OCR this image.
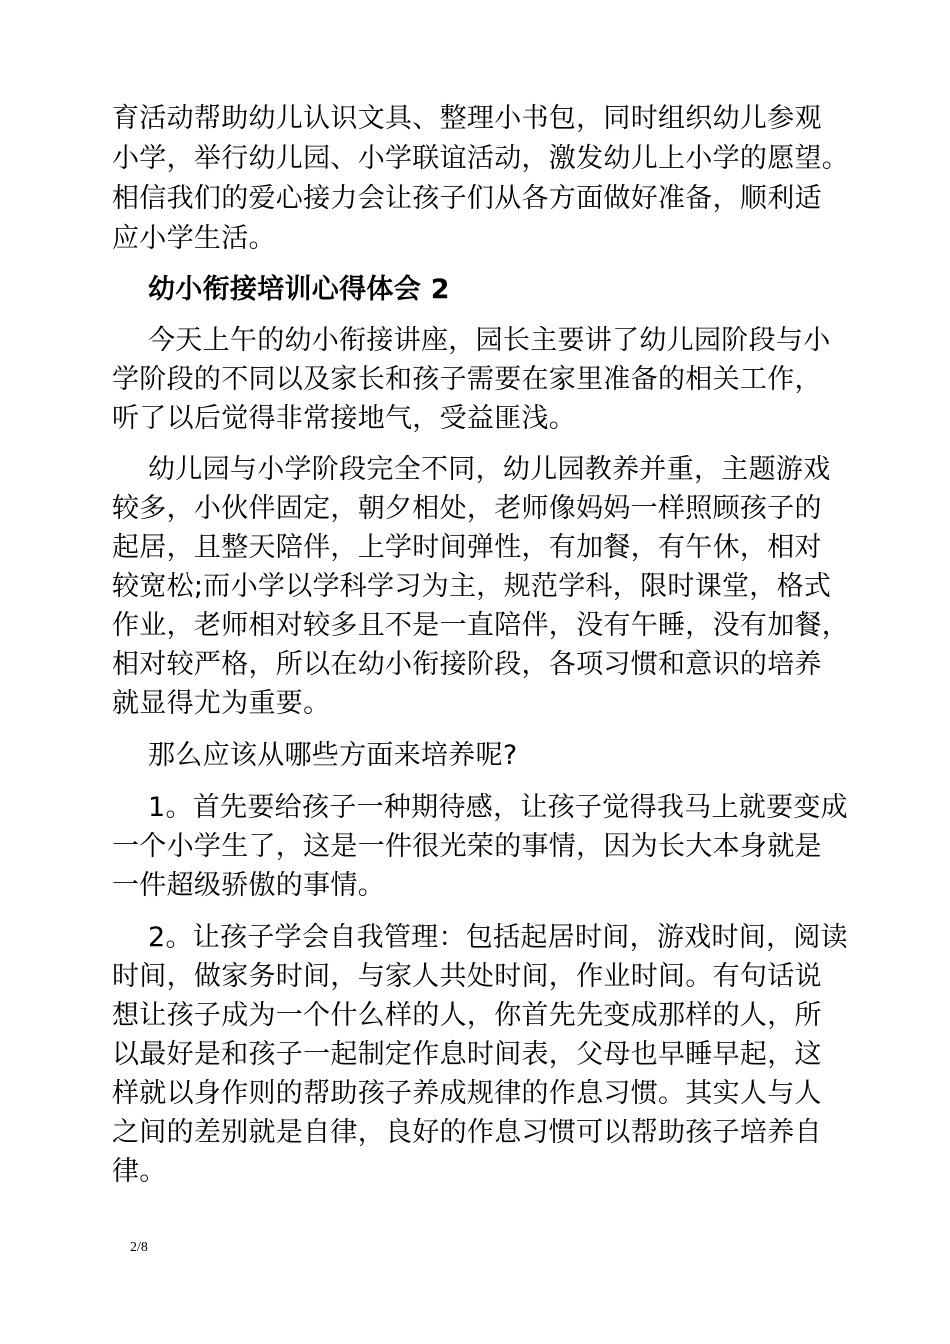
育活动帮助幼儿认识文具、整理小书包，同时组织幼儿参观
小学，举行幼儿园、小学联谊活动，激发幼儿上小学的愿望。
相信我们的爱心接力会让孩子们从各方面做好准备，顺利适
应小学生活。
幼小衔接培训心得体会 2
今天上午的幼小衔接讲座，园长主要讲了幼儿园阶段与小
学阶段的不同以及家长和孩子需要在家里准备的相关工作，
听了以后觉得非常接地气，受益匪浅。
幼儿园与小学阶段完全不同，幼儿园教养并重，主题游戏
较多，小伙伴固定，朝夕相处，老师像妈妈一样照顾孩子的
起居，且整天陪伴，上学时间弹性，有加餐，有午休，相对
较宽松;而小学以学科学习为主，规范学科，限时课堂，格式
作业，老师相对较多且不是一直陪伴，没有午睡，没有加餐，
相对较严格，所以在幼小衔接阶段，各项习惯和意识的培养
就显得尤为重要。
那么应该从哪些方面来培养呢?
1。首先要给孩子一种期待感，让孩子觉得我马上就要变成
一个小学生了，这是一件很光荣的事情，因为长大本身就是
一件超级骄傲的事情。
2。让孩子学会自我管理：包括起居时间，游戏时间，阅读
时间，做家务时间，与家人共处时间，作业时间。有句话说
想让孩子成为一个什么样的人，你首先先变成那样的人，所
以最好是和孩子一起制定作息时间表，父母也早睡早起，这
样就以身作则的帮助孩子养成规律的作息习惯。其实人与人
之间的差别就是自律，良好的作息习惯可以帮助孩子培养自
律。
2/8
